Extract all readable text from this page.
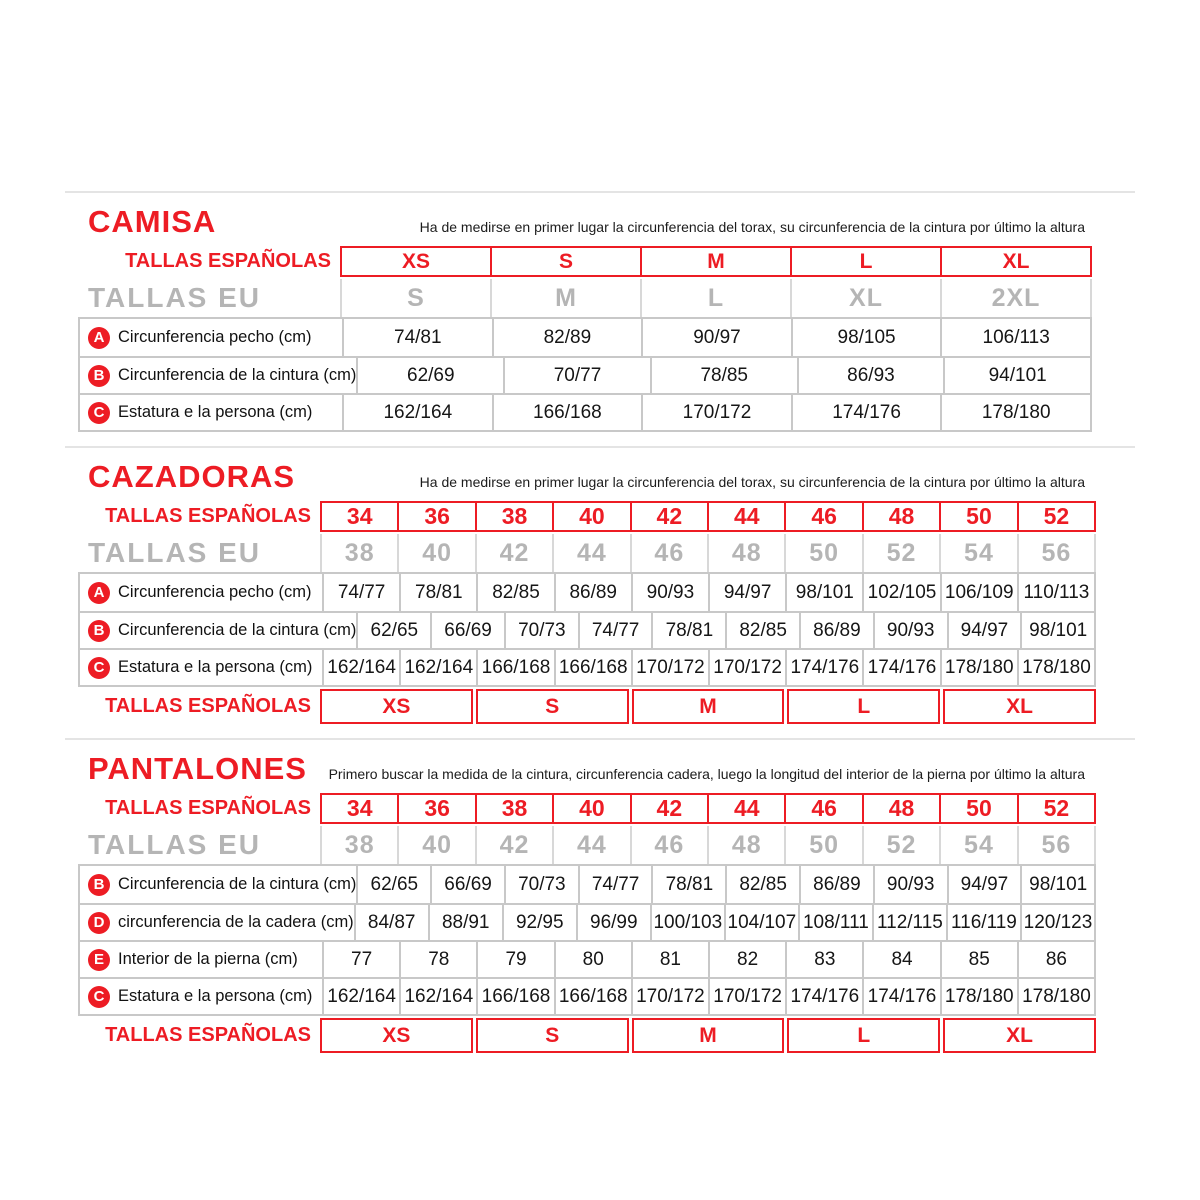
CAMISA	Ha de medirse en primer lugar la circunferencia del torax, su circunferencia de la cintura por último la altura

TALLAS ESPAÑOLAS	XS	S	M	L	XL
TALLAS EU	S	M	L	XL	2XL
A Circunferencia pecho (cm)	74/81	82/89	90/97	98/105	106/113
B Circunferencia de la cintura (cm)	62/69	70/77	78/85	86/93	94/101
C Estatura e la persona (cm)	162/164	166/168	170/172	174/176	178/180
CAZADORAS	Ha de medirse en primer lugar la circunferencia del torax, su circunferencia de la cintura por último la altura

TALLAS ESPAÑOLAS	34	36	38	40	42	44	46	48	50	52
TALLAS EU	38	40	42	44	46	48	50	52	54	56
A Circunferencia pecho (cm)	74/77	78/81	82/85	86/89	90/93	94/97	98/101 102/105 106/109 110/113
B Circunferencia de la cintura (cm) 62/65	66/69	70/73	74/77	78/81	82/85	86/89	90/93	94/97	98/101
C Estatura e la persona (cm) 162/164 162/164 166/168 166/168 170/172 170/172 174/176 174/176 178/180 178/180
TALLAS ESPAÑOLAS	XS	S	M	L	XL
PANTALONES Primero buscar la medida de la cintura, circunferencia cadera, luego la longitud del interior de la pierna por último la altura

TALLAS ESPAÑOLAS	34	36	38	40	42	44	46	48	50	52
TALLAS EU	38	40	42	44	46	48	50	52	54	56
B Circunferencia de la cintura (cm) 62/65	66/69	70/73	74/77	78/81	82/85	86/89	90/93	94/97	98/101
D circunferencia de la cadera (cm) 84/87	88/91	92/95	96/99 100/103 104/107 108/111 112/115 116/119 120/123
E Interior de la pierna (cm)	77	78	79	80	81	82	83	84	85	86
C Estatura e la persona (cm) 162/164 162/164 166/168 166/168 170/172 170/172 174/176 174/176 178/180 178/180
TALLAS ESPAÑOLAS	XS	S	M	L	XL
